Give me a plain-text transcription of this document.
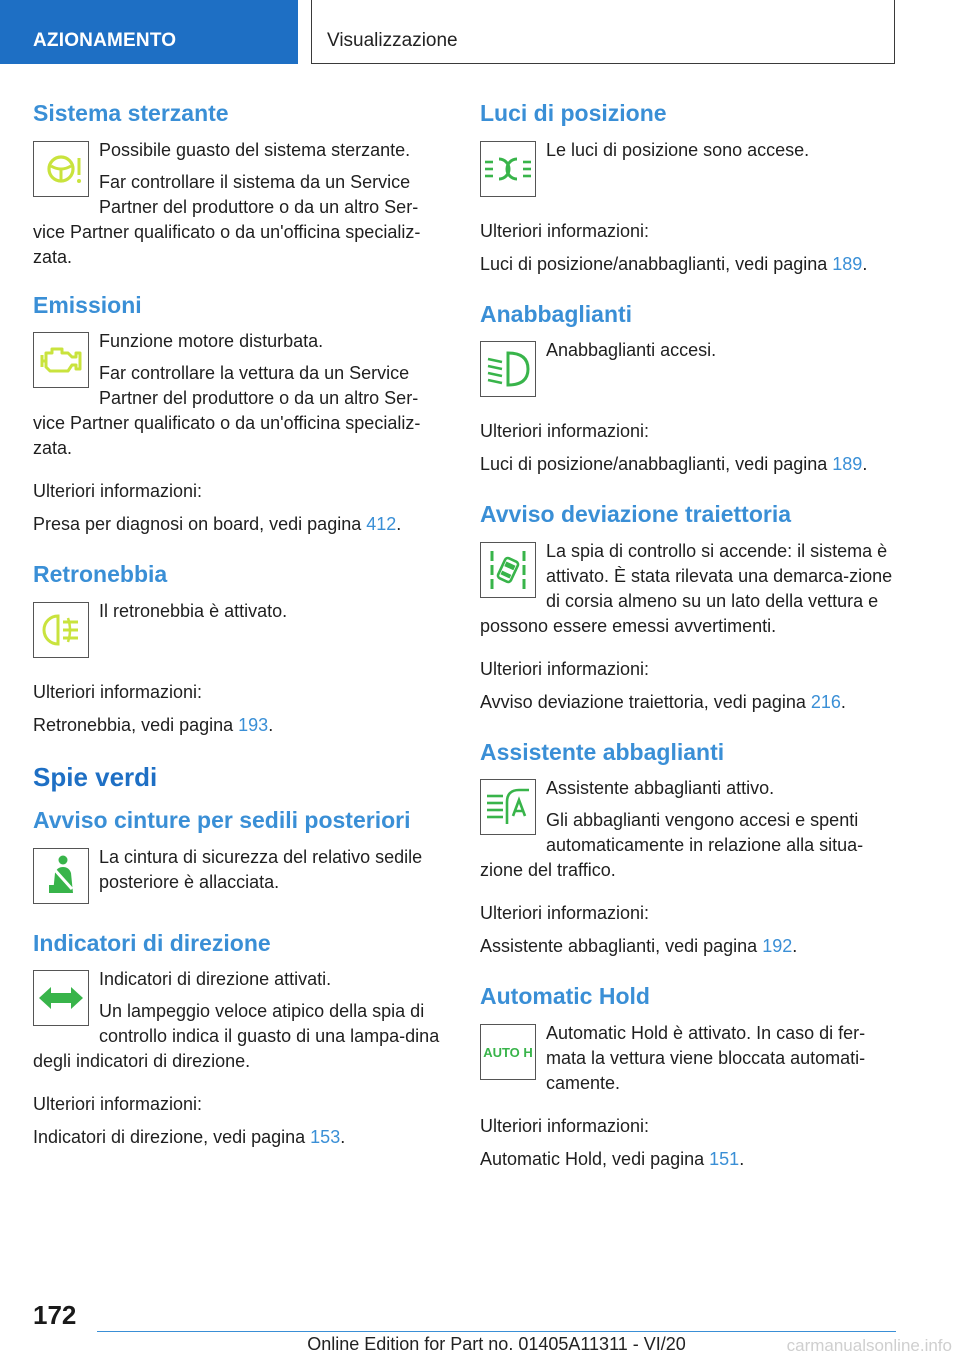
AZIONAMENTO	Visualizzazione
Sistema sterzante

Possibile guasto del sistema sterzante.

Far controllare il sistema da un Service Partner del produttore o da un altro Ser‐vice Partner qualificato o da un'officina specializ‐zata.

Emissioni

Funzione motore disturbata.

Far controllare la vettura da un Service Partner del produttore o da un altro Ser‐vice Partner qualificato o da un'officina specializ‐zata.

Ulteriori informazioni:

Presa per diagnosi on board, vedi pagina 412.

Retronebbia

Il retronebbia è attivato.

Ulteriori informazioni:

Retronebbia, vedi pagina 193.

Spie verdi
Avviso cinture per sedili posteriori

La cintura di sicurezza del relativo sedile posteriore è allacciata.

Indicatori di direzione

Indicatori di direzione attivati.

Un lampeggio veloce atipico della spia di controllo indica il guasto di una lampa‐dina degli indicatori di direzione.

Ulteriori informazioni:

Indicatori di direzione, vedi pagina 153.

Luci di posizione

Le luci di posizione sono accese.

Ulteriori informazioni:

Luci di posizione/anabbaglianti, vedi pagina 189.

Anabbaglianti

Anabbaglianti accesi.

Ulteriori informazioni:

Luci di posizione/anabbaglianti, vedi pagina 189.

Avviso deviazione traiettoria

La spia di controllo si accende: il sistema è attivato. È stata rilevata una demarca‐zione di corsia almeno su un lato della vettura e possono essere emessi avvertimenti.

Ulteriori informazioni:

Avviso deviazione traiettoria, vedi pagina 216.

Assistente abbaglianti

Assistente abbaglianti attivo.

Gli abbaglianti vengono accesi e spenti automaticamente in relazione alla situa‐zione del traffico.

Ulteriori informazioni:

Assistente abbaglianti, vedi pagina 192.

Automatic Hold
AUTO H

Automatic Hold è attivato. In caso di fer‐mata la vettura viene bloccata automati‐camente.

Ulteriori informazioni:

Automatic Hold, vedi pagina 151.

172
Online Edition for Part no. 01405A11311 - VI/20	carmanualsonline.info
